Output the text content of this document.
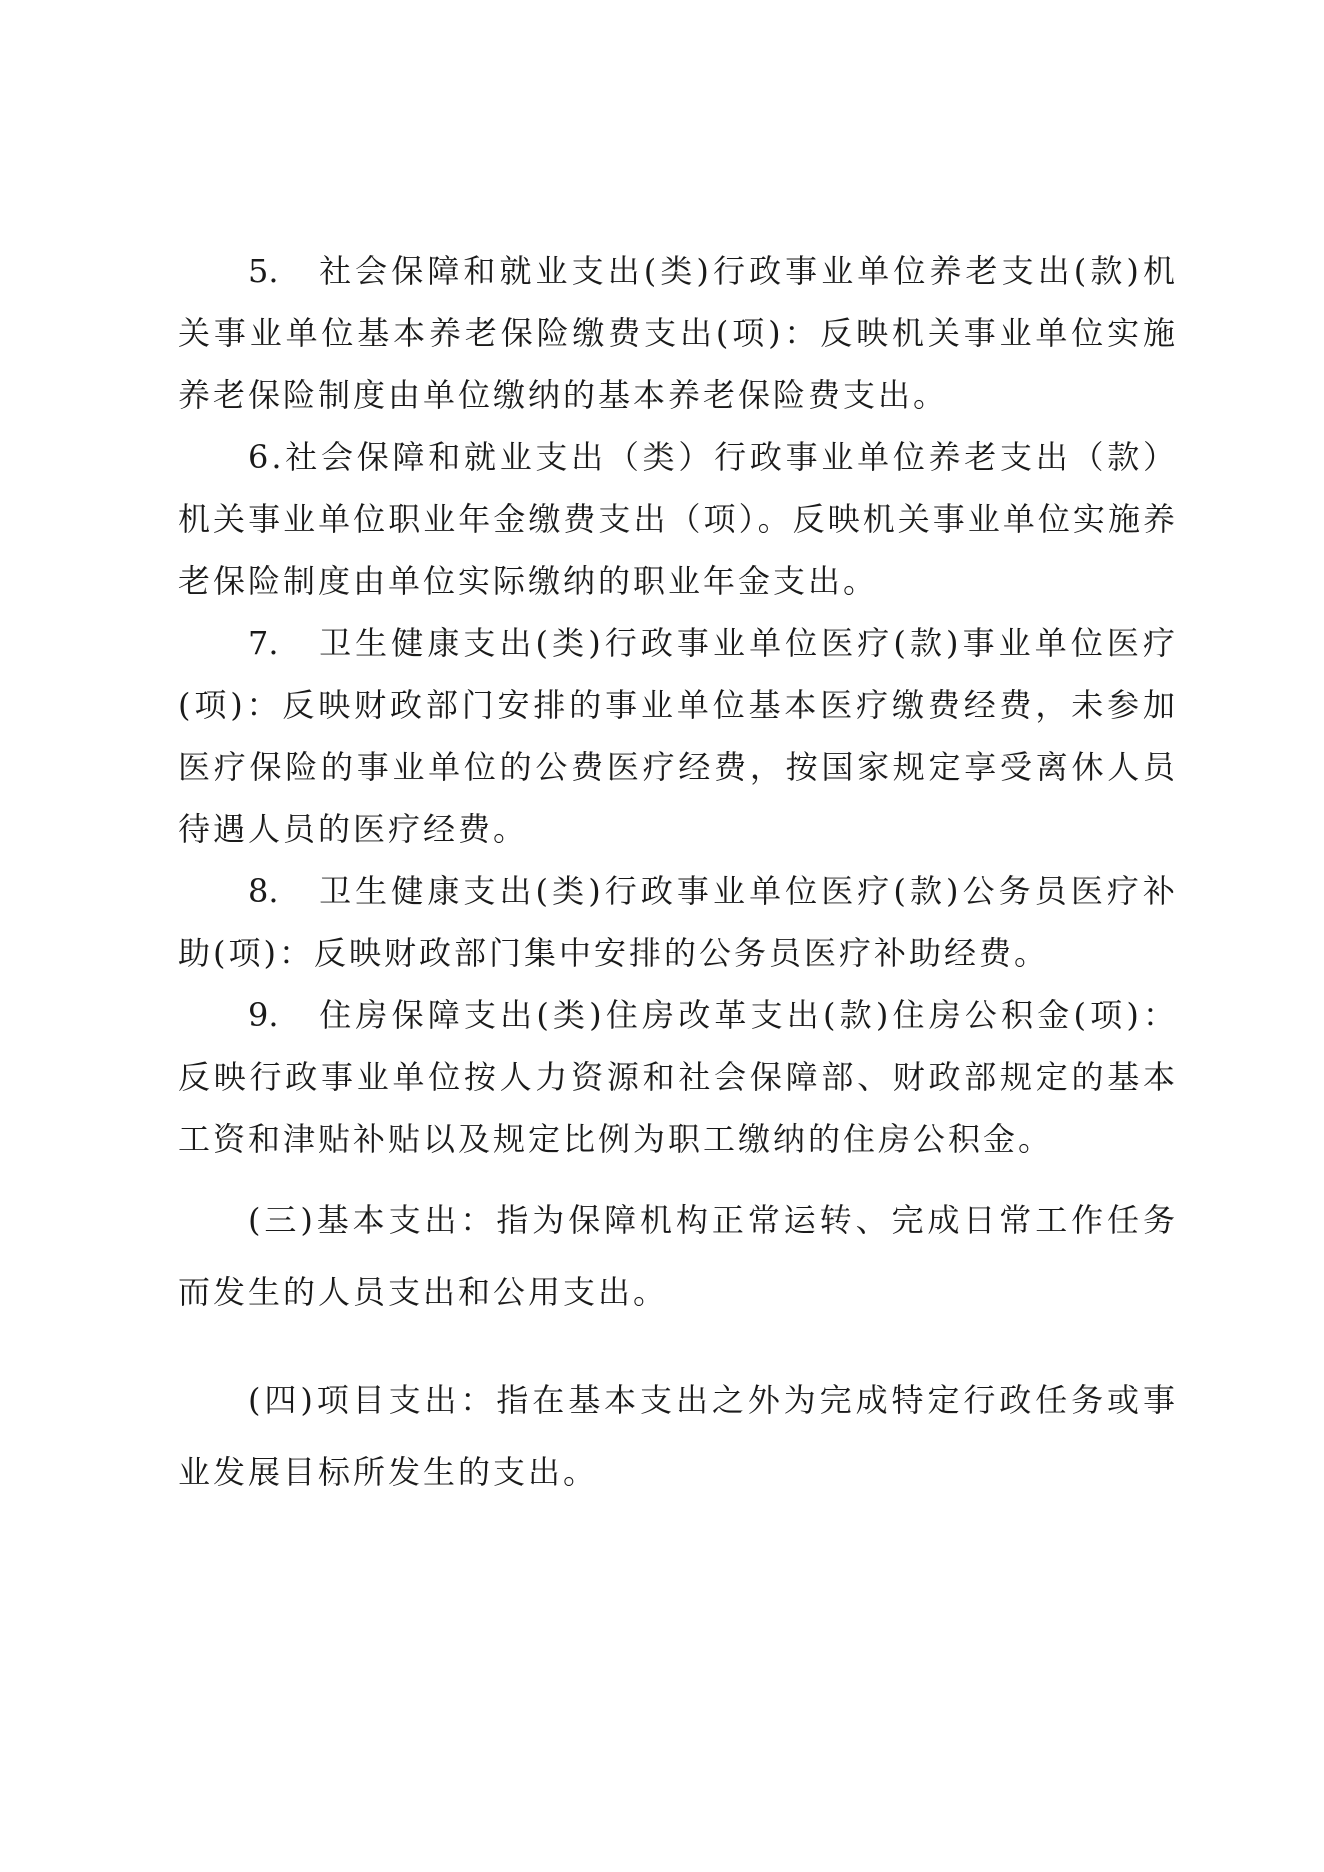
5. 社会保障和就业支出(类)行政事业单位养老支出(款)机关事业单位基本养老保险缴费支出(项)：反映机关事业单位实施养老保险制度由单位缴纳的基本养老保险费支出。

6.社会保障和就业支出（类）行政事业单位养老支出（款）机关事业单位职业年金缴费支出（项）。反映机关事业单位实施养老保险制度由单位实际缴纳的职业年金支出。

7. 卫生健康支出(类)行政事业单位医疗(款)事业单位医疗(项)：反映财政部门安排的事业单位基本医疗缴费经费，未参加医疗保险的事业单位的公费医疗经费，按国家规定享受离休人员待遇人员的医疗经费。

8. 卫生健康支出(类)行政事业单位医疗(款)公务员医疗补助(项)：反映财政部门集中安排的公务员医疗补助经费。

9. 住房保障支出(类)住房改革支出(款)住房公积金(项)：反映行政事业单位按人力资源和社会保障部、财政部规定的基本工资和津贴补贴以及规定比例为职工缴纳的住房公积金。

(三)基本支出：指为保障机构正常运转、完成日常工作任务而发生的人员支出和公用支出。

(四)项目支出：指在基本支出之外为完成特定行政任务或事业发展目标所发生的支出。
